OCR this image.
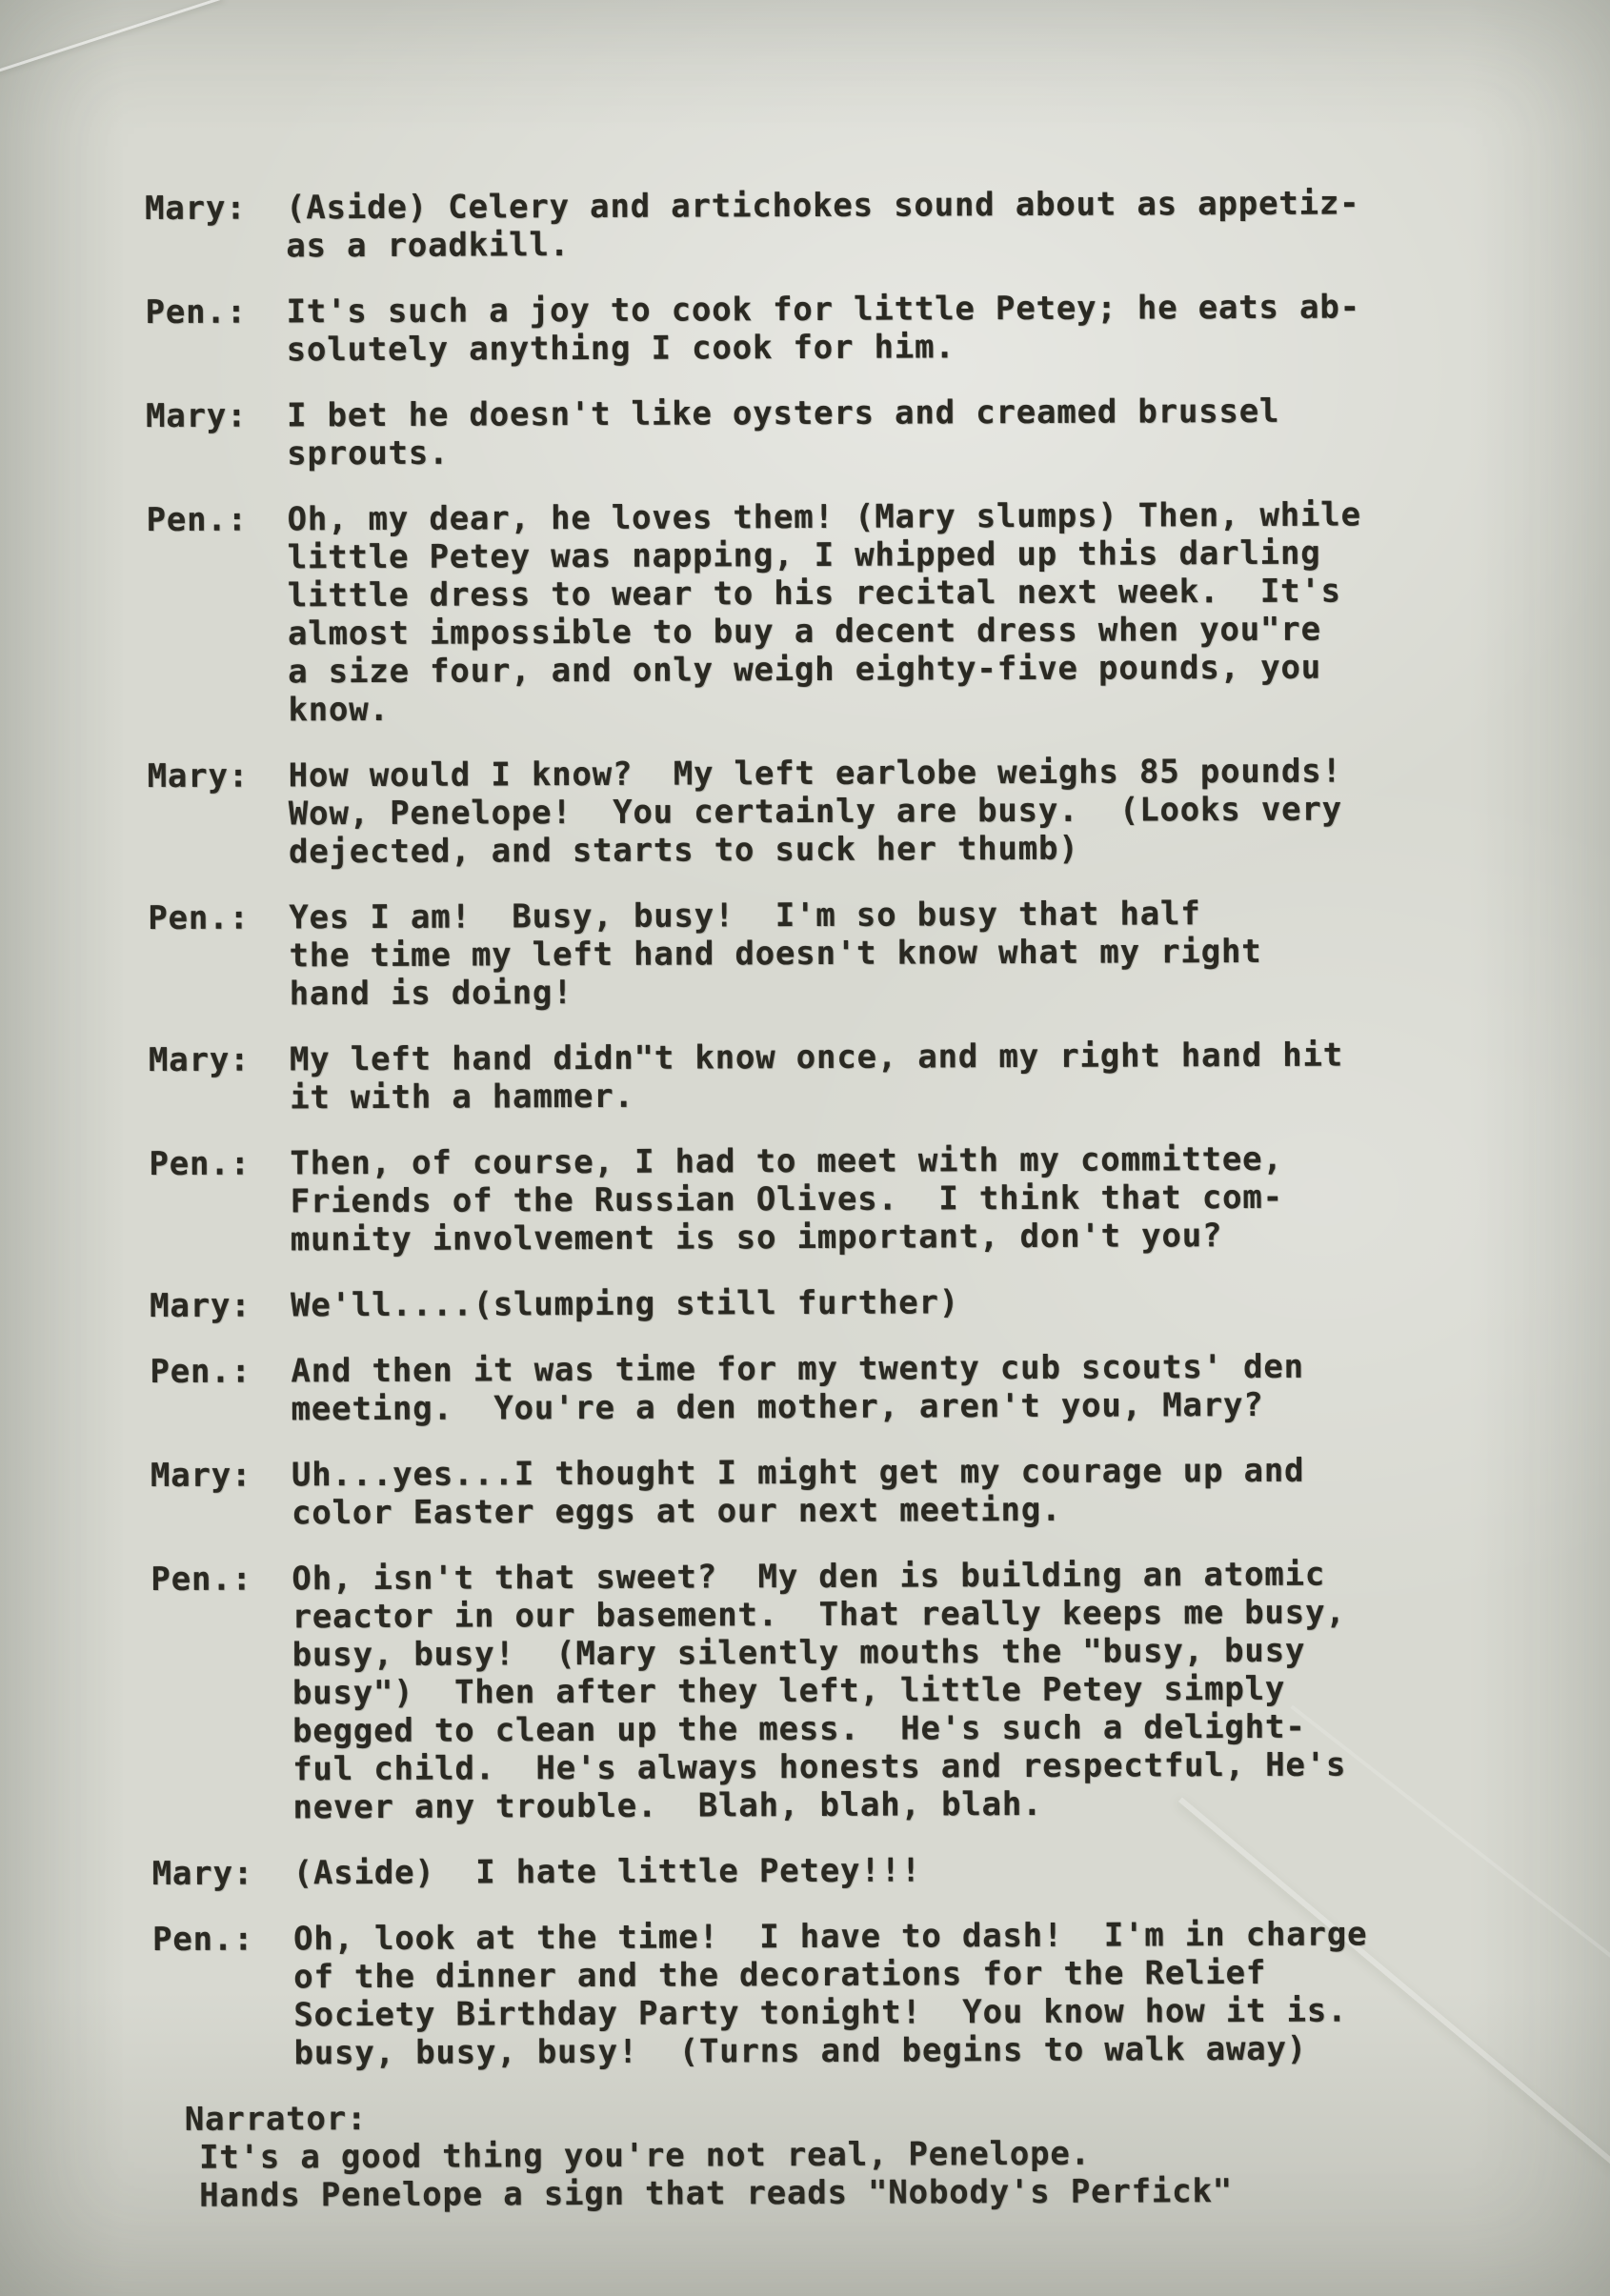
Mary:	(Aside) Celery and artichokes sound about as appetiz-
as a roadkill.
Pen.:	It's such a joy to cook for little Petey; he eats ab-
solutely anything I cook for him.
Mary:	I bet he doesn't like oysters and creamed brussel
sprouts.
Pen.:	Oh, my dear, he loves them! (Mary slumps) Then, while
little Petey was napping, I whipped up this darling
little dress to wear to his recital next week.  It's
almost impossible to buy a decent dress when you"re
a size four, and only weigh eighty-five pounds, you
know.
Mary:	How would I know?  My left earlobe weighs 85 pounds!
Wow, Penelope!  You certainly are busy.  (Looks very
dejected, and starts to suck her thumb)
Pen.:	Yes I am!  Busy, busy!  I'm so busy that half
the time my left hand doesn't know what my right
hand is doing!
Mary:	My left hand didn"t know once, and my right hand hit
it with a hammer.
Pen.:	Then, of course, I had to meet with my committee,
Friends of the Russian Olives.  I think that com-
munity involvement is so important, don't you?
Mary:	We'll....(slumping still further)
Pen.:	And then it was time for my twenty cub scouts' den
meeting.  You're a den mother, aren't you, Mary?
Mary:	Uh...yes...I thought I might get my courage up and
color Easter eggs at our next meeting.
Pen.:	Oh, isn't that sweet?  My den is building an atomic
reactor in our basement.  That really keeps me busy,
busy, busy!  (Mary silently mouths the "busy, busy
busy")  Then after they left, little Petey simply
begged to clean up the mess.  He's such a delight-
ful child.  He's always honests and respectful, He's
never any trouble.  Blah, blah, blah.
Mary:	(Aside)  I hate little Petey!!!
Pen.:	Oh, look at the time!  I have to dash!  I'm in charge
of the dinner and the decorations for the Relief
Society Birthday Party tonight!  You know how it is.
busy, busy, busy!  (Turns and begins to walk away)
Narrator:
It's a good thing you're not real, Penelope.
Hands Penelope a sign that reads "Nobody's Perfick"
